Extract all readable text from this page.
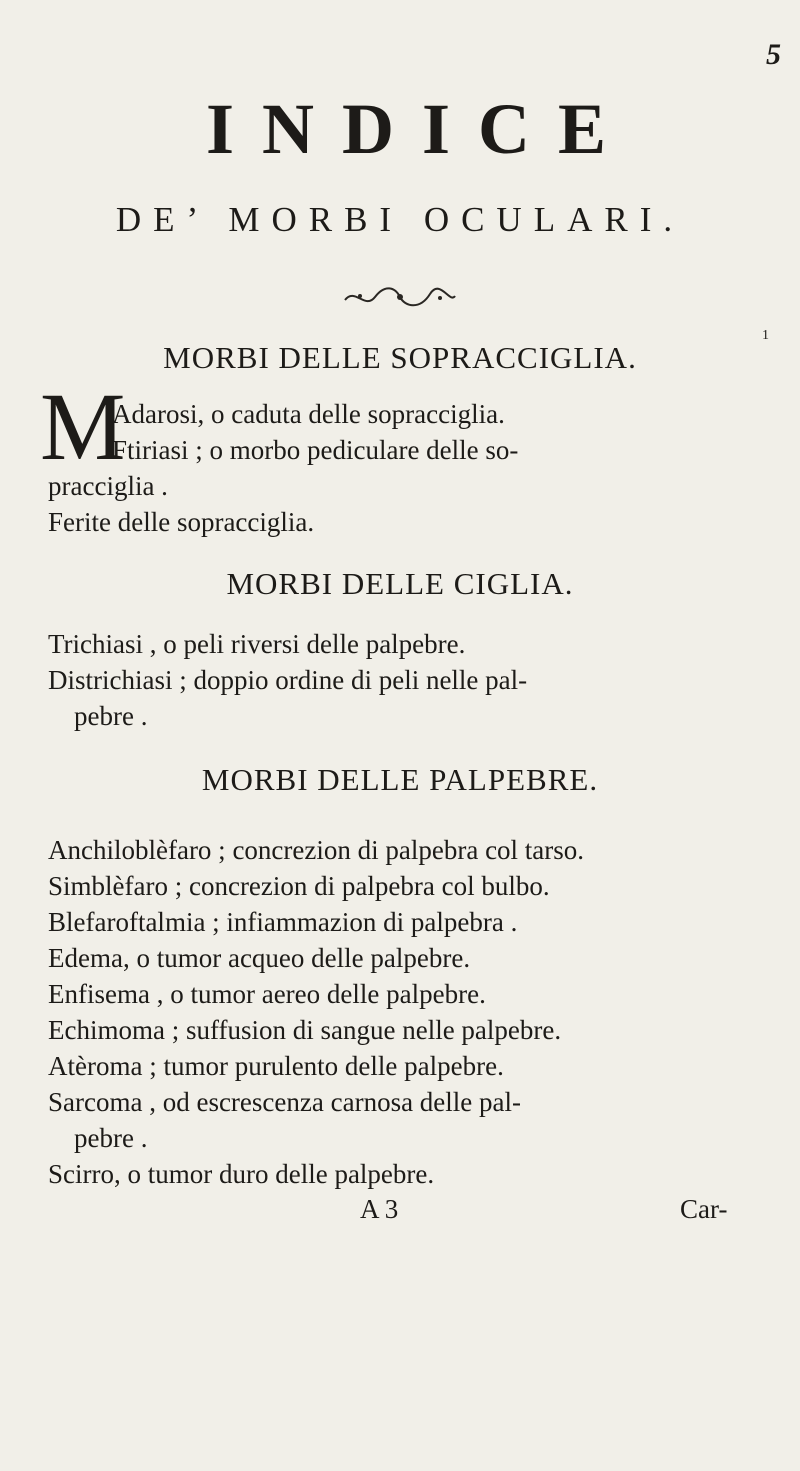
5
INDICE
DE’ MORBI OCULARI.
1
MORBI DELLE SOPRACCIGLIA.
M
Adarosi, o caduta delle sopracciglia.
Ftiriasi ; o morbo pediculare delle so-
pracciglia .
Ferite delle sopracciglia.
MORBI DELLE CIGLIA.
Trichiasi , o peli riversi delle palpebre.
Districhiasi ; doppio ordine di peli nelle pal-
pebre .
MORBI DELLE PALPEBRE.
Anchiloblèfaro ; concrezion di palpebra col tarso.
Simblèfaro ; concrezion di palpebra col bulbo.
Blefaroftalmia ; infiammazion di palpebra .
Edema, o tumor acqueo delle palpebre.
Enfisema , o tumor aereo delle palpebre.
Echimoma ; suffusion di sangue nelle palpebre.
Atèroma ; tumor purulento delle palpebre.
Sarcoma , od escrescenza carnosa delle pal-
pebre .
Scirro, o tumor duro delle palpebre.
A 3	Car-
